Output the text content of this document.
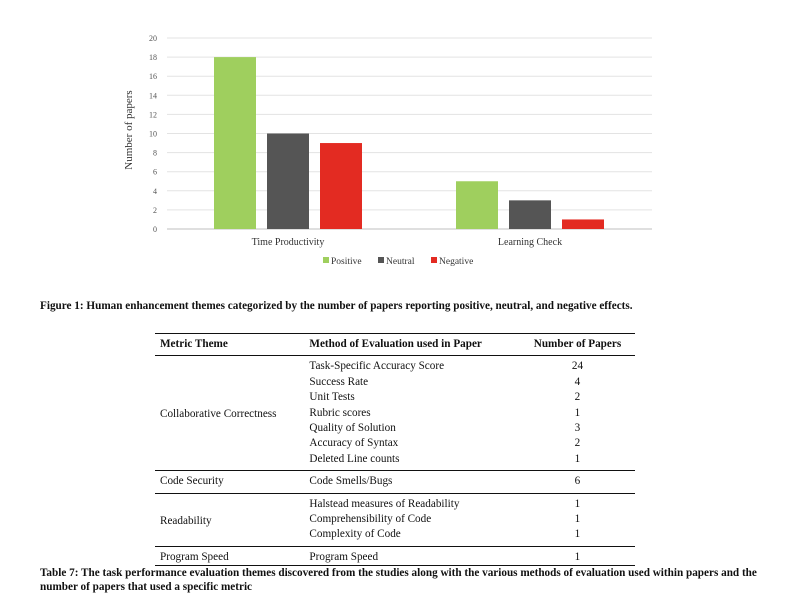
0
2
4
6
8
10
12
14
16
18
20
Time Productivity	Learning Check
Number of papers
Positive	Neutral	Negative
Figure 1: Human enhancement themes categorized by the number of papers reporting positive, neutral, and negative effects.
Metric Theme	Method of Evaluation used in Paper	Number of Papers
Collaborative Correctness	Task-Specific Accuracy Score	24
	Success Rate	4
	Unit Tests	2
	Rubric scores	1
	Quality of Solution	3
	Accuracy of Syntax	2
	Deleted Line counts	1
Code Security	Code Smells/Bugs	6
Readability	Halstead measures of Readability	1
	Comprehensibility of Code	1
	Complexity of Code	1
Program Speed	Program Speed	1
Table 7: The task performance evaluation themes discovered from the studies along with the various methods of evaluation used within papers and the number of papers that used a specific metric
